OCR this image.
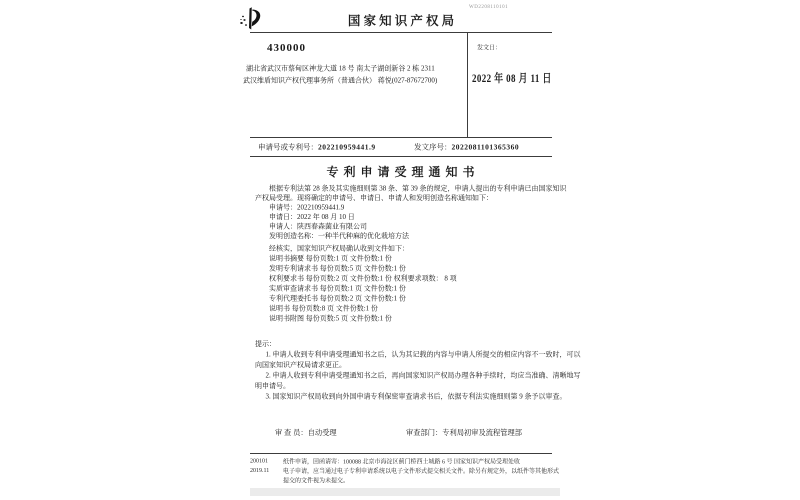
WD2208110101
国 家 知 识 产 权 局
430000
湖北省武汉市蔡甸区神龙大道 18 号 南太子湖创新谷 2 栋 2311
武汉维盾知识产权代理事务所（普通合伙） 蒋悦(027-87672700)
发文日：
2022 年 08 月 11 日
申请号或专利号：202210959441.9	发文序号：2022081101365360
专 利 申 请 受 理 通 知 书

根据专利法第 28 条及其实施细则第 38 条、第 39 条的规定，申请人提出的专利申请已由国家知识产权局受理。现将确定的申请号、申请日、申请人和发明创造名称通知如下：

申请号：202210959441.9

申请日：2022 年 08 月 10 日

申请人：陕西春森菌业有限公司

发明创造名称：一种半代种麻的优化栽培方法

经核实，国家知识产权局确认收到文件如下：
说明书摘要 每份页数:1 页 文件份数:1 份
发明专利请求书 每份页数:5 页 文件份数:1 份
权利要求书 每份页数:2 页 文件份数:1 份 权利要求项数： 8 项
实质审查请求书 每份页数:1 页 文件份数:1 份
专利代理委托书 每份页数:2 页 文件份数:1 份
说明书 每份页数:8 页 文件份数:1 份
说明书附图 每份页数:5 页 文件份数:1 份
提示：

1. 申请人收到专利申请受理通知书之后，认为其记载的内容与申请人所提交的相应内容不一致时，可以向国家知识产权局请求更正。

2. 申请人收到专利申请受理通知书之后，再向国家知识产权局办理各种手续时，均应当准确、清晰地写明申请号。

3. 国家知识产权局收到向外国申请专利保密审查请求书后，依据专利法实施细则第 9 条予以审查。

审 查 员：自动受理	审查部门：专利局初审及流程管理部
200101 纸件申请，回函请寄：100088 北京市海淀区蓟门桥西土城路 6 号 国家知识产权局受理处收
2019.11 电子申请，应当通过电子专利申请系统以电子文件形式提交相关文件。除另有规定外，以纸件等其他形式提交的文件视为未提交。
